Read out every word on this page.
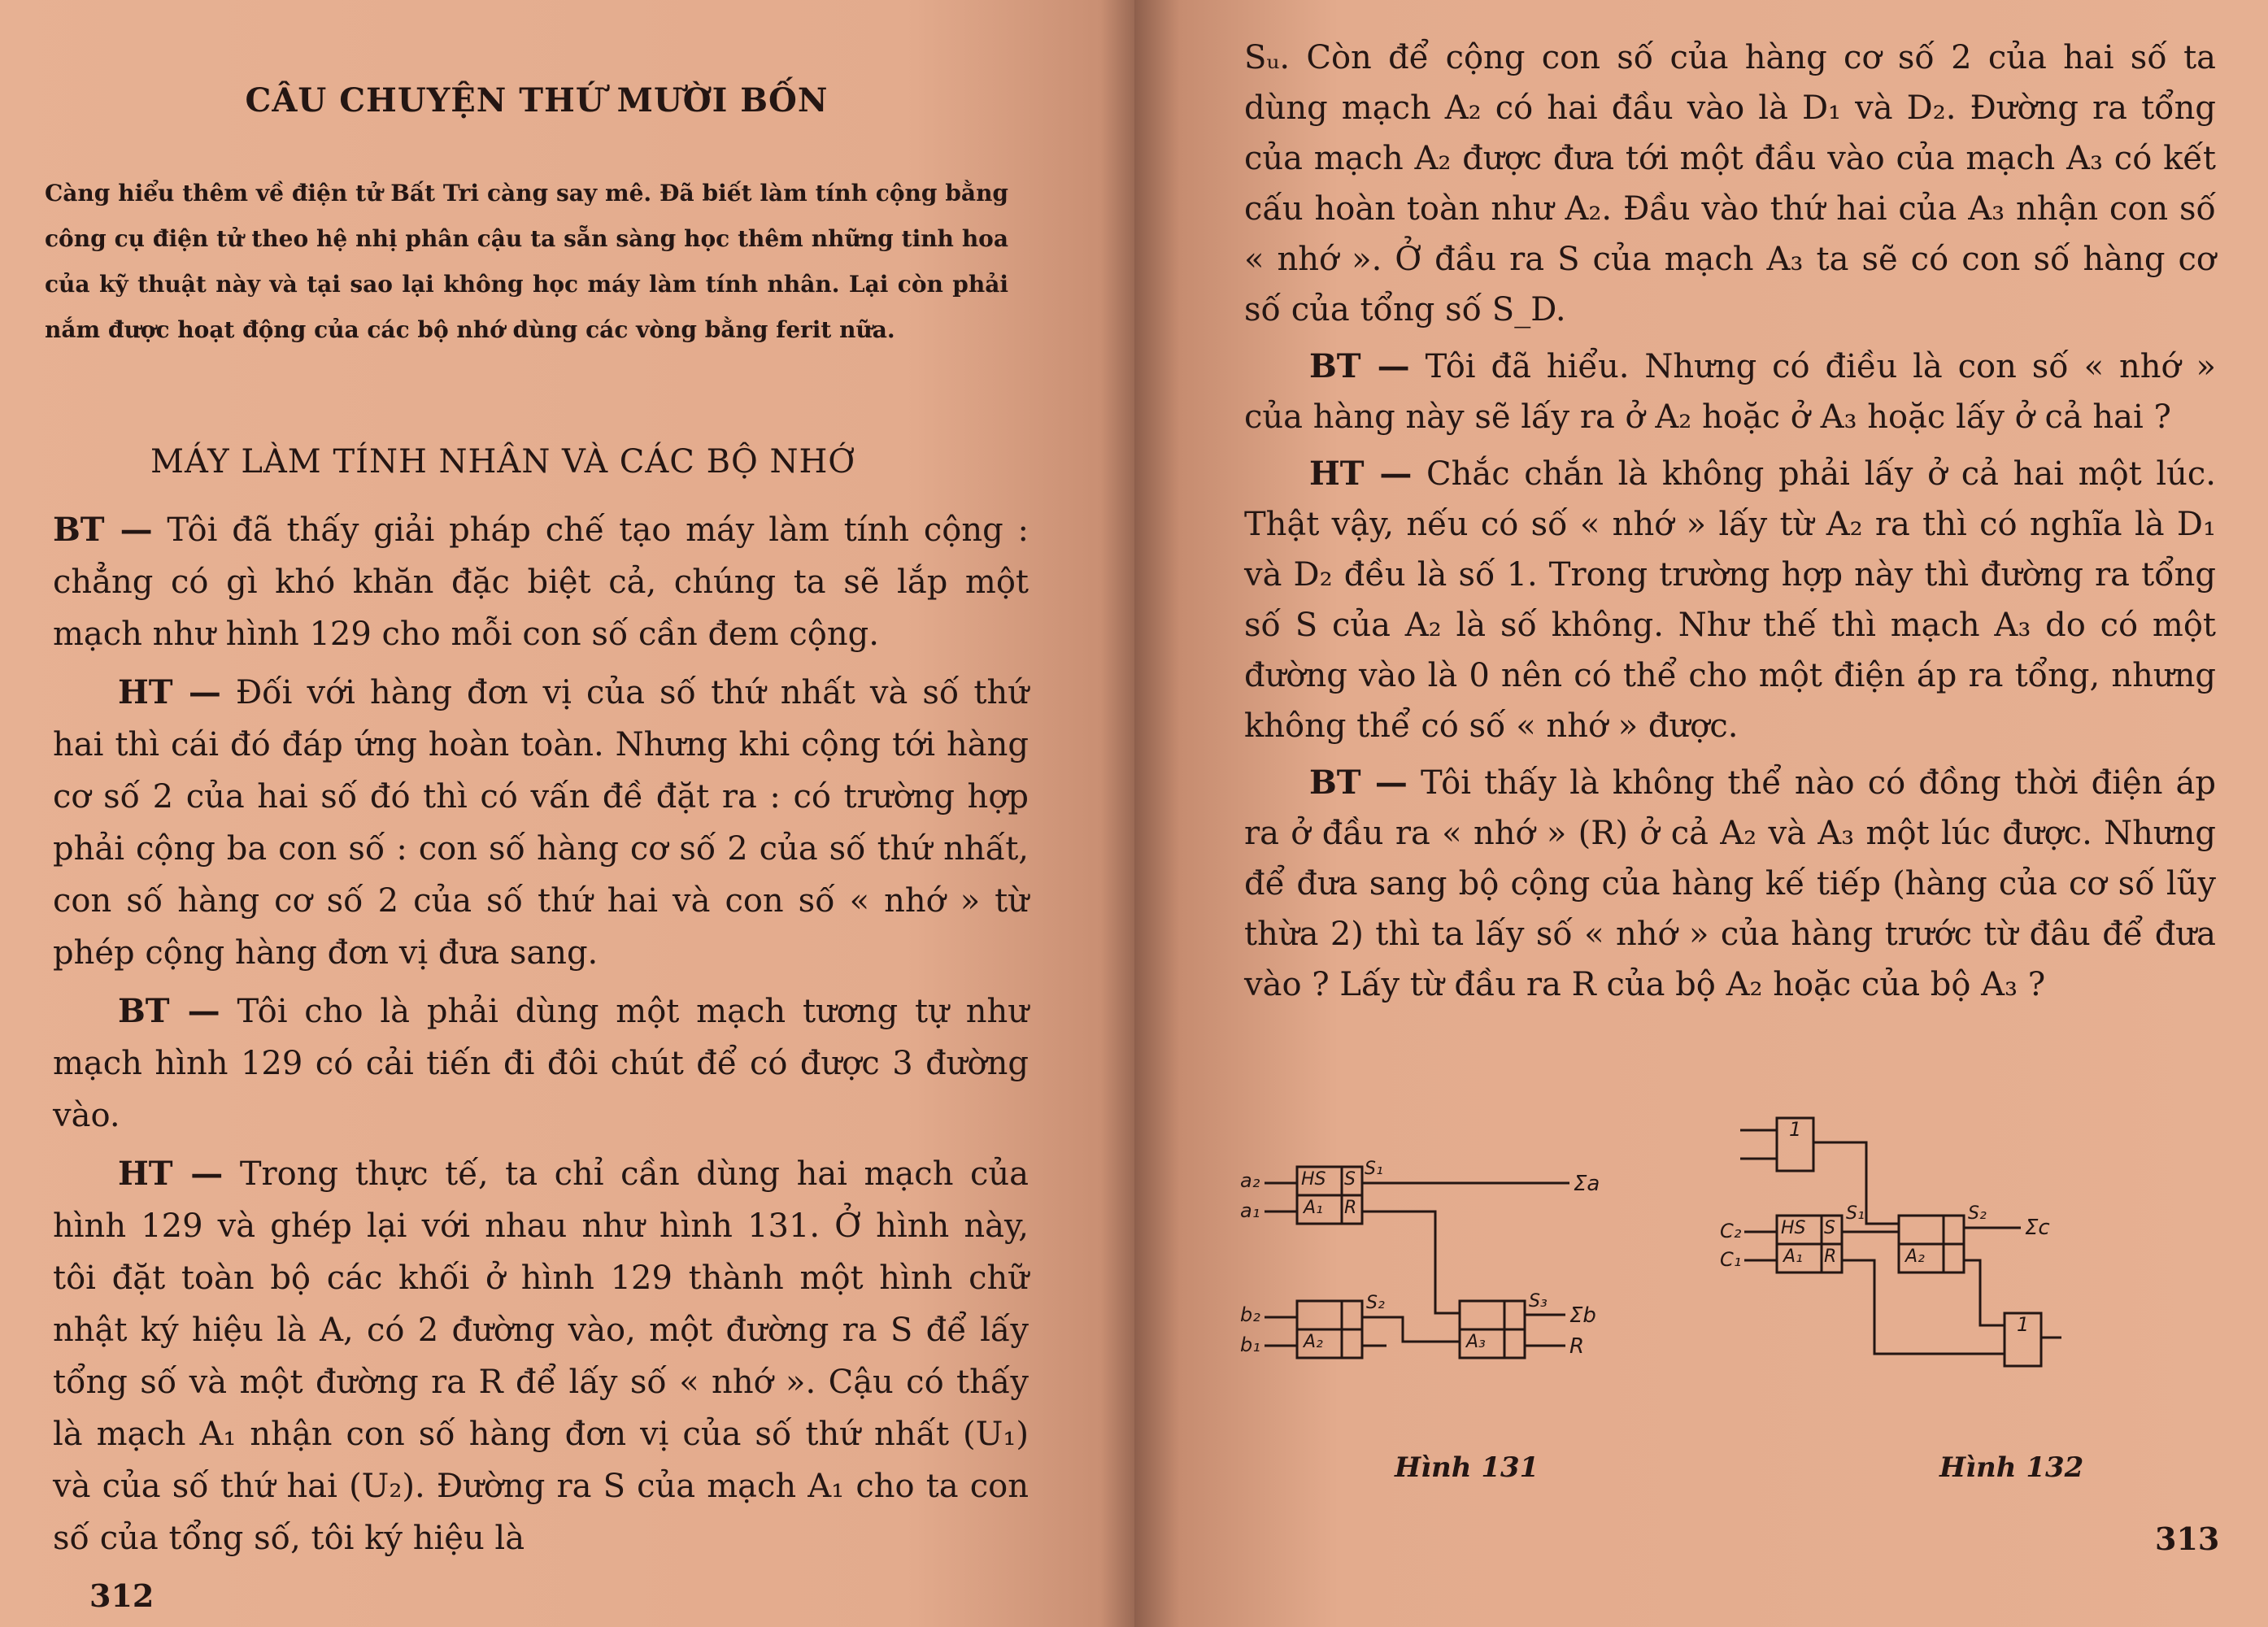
CÂU CHUYỆN THỨ MƯỜI BỐN
Càng hiểu thêm về điện tử Bất Tri càng say mê. Đã biết làm tính cộng bằng công cụ điện tử theo hệ nhị phân cậu ta sẵn sàng học thêm những tinh hoa của kỹ thuật này và tại sao lại không học máy làm tính nhân. Lại còn phải nắm được hoạt động của các bộ nhớ dùng các vòng bằng ferit nữa.
MÁY LÀM TÍNH NHÂN VÀ CÁC BỘ NHỚ

BT — Tôi đã thấy giải pháp chế tạo máy làm tính cộng : chẳng có gì khó khăn đặc biệt cả, chúng ta sẽ lắp một mạch như hình 129 cho mỗi con số cần đem cộng.

HT — Đối với hàng đơn vị của số thứ nhất và số thứ hai thì cái đó đáp ứng hoàn toàn. Nhưng khi cộng tới hàng cơ số 2 của hai số đó thì có vấn đề đặt ra : có trường hợp phải cộng ba con số : con số hàng cơ số 2 của số thứ nhất, con số hàng cơ số 2 của số thứ hai và con số « nhớ » từ phép cộng hàng đơn vị đưa sang.

BT — Tôi cho là phải dùng một mạch tương tự như mạch hình 129 có cải tiến đi đôi chút để có được 3 đường vào.

HT — Trong thực tế, ta chỉ cần dùng hai mạch của hình 129 và ghép lại với nhau như hình 131. Ở hình này, tôi đặt toàn bộ các khối ở hình 129 thành một hình chữ nhật ký hiệu là A, có 2 đường vào, một đường ra S để lấy tổng số và một đường ra R để lấy số « nhớ ». Cậu có thấy là mạch A₁ nhận con số hàng đơn vị của số thứ nhất (U₁) và của số thứ hai (U₂). Đường ra S của mạch A₁ cho ta con số của tổng số, tôi ký hiệu là

312

Sᵤ. Còn để cộng con số của hàng cơ số 2 của hai số ta dùng mạch A₂ có hai đầu vào là D₁ và D₂. Đường ra tổng của mạch A₂ được đưa tới một đầu vào của mạch A₃ có kết cấu hoàn toàn như A₂. Đầu vào thứ hai của A₃ nhận con số « nhớ ». Ở đầu ra S của mạch A₃ ta sẽ có con số hàng cơ số của tổng số S_D.

BT — Tôi đã hiểu. Nhưng có điều là con số « nhớ » của hàng này sẽ lấy ra ở A₂ hoặc ở A₃ hoặc lấy ở cả hai ?

HT — Chắc chắn là không phải lấy ở cả hai một lúc. Thật vậy, nếu có số « nhớ » lấy từ A₂ ra thì có nghĩa là D₁ và D₂ đều là số 1. Trong trường hợp này thì đường ra tổng số S của A₂ là số không. Như thế thì mạch A₃ do có một đường vào là 0 nên có thể cho một điện áp ra tổng, nhưng không thể có số « nhớ » được.

BT — Tôi thấy là không thể nào có đồng thời điện áp ra ở đầu ra « nhớ » (R) ở cả A₂ và A₃ một lúc được. Nhưng để đưa sang bộ cộng của hàng kế tiếp (hàng của cơ số lũy thừa 2) thì ta lấy số « nhớ » của hàng trước từ đâu để đưa vào ? Lấy từ đầu ra R của bộ A₂ hoặc của bộ A₃ ?

HS S
A₁ R
A₂	A₃
a₂
a₁
b₂
b₁
S₁
S₂	S₃
Σa
Σb
R
Hình 131
1
1
HS S
A₁ R	A₂
C₂
C₁
S₁	S₂
Σc
Hình 132
313
